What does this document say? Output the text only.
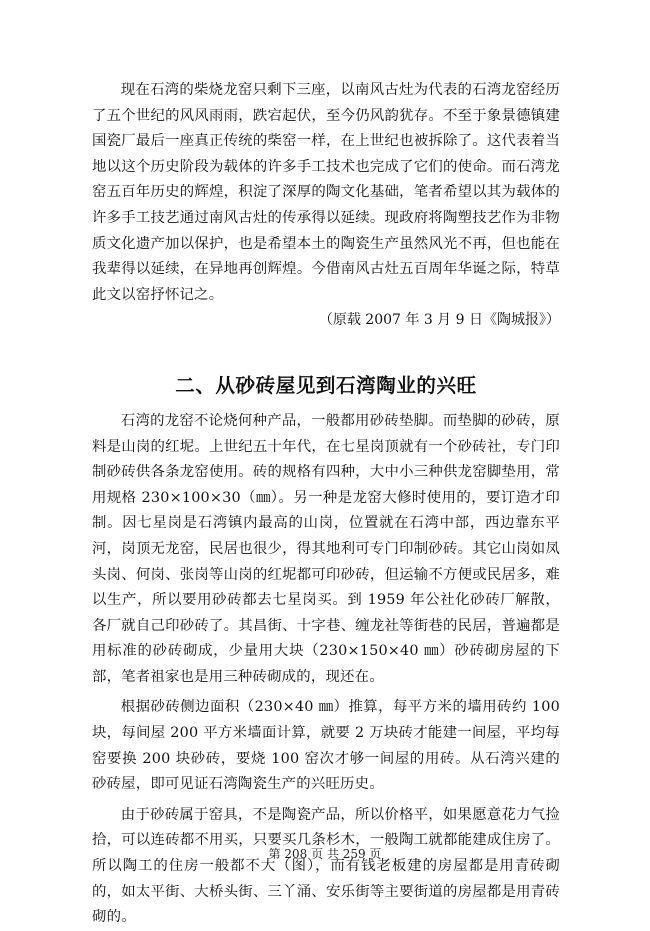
现在石湾的柴烧龙窑只剩下三座，以南风古灶为代表的石湾龙窑经历了五个世纪的风风雨雨，跌宕起伏，至今仍风韵犹存。不至于象景德镇建国瓷厂最后一座真正传统的柴窑一样，在上世纪也被拆除了。这代表着当地以这个历史阶段为载体的许多手工技术也完成了它们的使命。而石湾龙窑五百年历史的辉煌，积淀了深厚的陶文化基础，笔者希望以其为载体的许多手工技艺通过南风古灶的传承得以延续。现政府将陶塑技艺作为非物质文化遗产加以保护，也是希望本土的陶瓷生产虽然风光不再，但也能在我辈得以延续，在异地再创辉煌。今借南风古灶五百周年华诞之际，特草此文以窑抒怀记之。

（原载 2007 年 3 月 9 日《陶城报》）

二、从砂砖屋见到石湾陶业的兴旺

石湾的龙窑不论烧何种产品，一般都用砂砖垫脚。而垫脚的砂砖，原料是山岗的红坭。上世纪五十年代，在七星岗顶就有一个砂砖社，专门印制砂砖供各条龙窑使用。砖的规格有四种，大中小三种供龙窑脚垫用，常用规格 230×100×30（㎜）。另一种是龙窑大修时使用的，要订造才印制。因七星岗是石湾镇内最高的山岗，位置就在石湾中部，西边靠东平河，岗顶无龙窑，民居也很少，得其地利可专门印制砂砖。其它山岗如凤头岗、何岗、张岗等山岗的红坭都可印砂砖，但运输不方便或民居多，难以生产，所以要用砂砖都去七星岗买。到 1959 年公社化砂砖厂解散，各厂就自己印砂砖了。其昌街、十字巷、缠龙社等街巷的民居，普遍都是用标准的砂砖砌成，少量用大块（230×150×40 ㎜）砂砖砌房屋的下部，笔者祖家也是用三种砖砌成的，现还在。

根据砂砖侧边面积（230×40 ㎜）推算，每平方米的墙用砖约 100 块，每间屋 200 平方米墙面计算，就要 2 万块砖才能建一间屋，平均每窑要换 200 块砂砖，要烧 100 窑次才够一间屋的用砖。从石湾兴建的砂砖屋，即可见证石湾陶瓷生产的兴旺历史。

由于砂砖属于窑具，不是陶瓷产品，所以价格平，如果愿意花力气捡拾，可以连砖都不用买，只要买几条杉木，一般陶工就都能建成住房了。所以陶工的住房一般都不大（图），而有钱老板建的房屋都是用青砖砌的，如太平街、大桥头街、三丫涌、安乐街等主要街道的房屋都是用青砖砌的。

第 208 页 共 259 页
